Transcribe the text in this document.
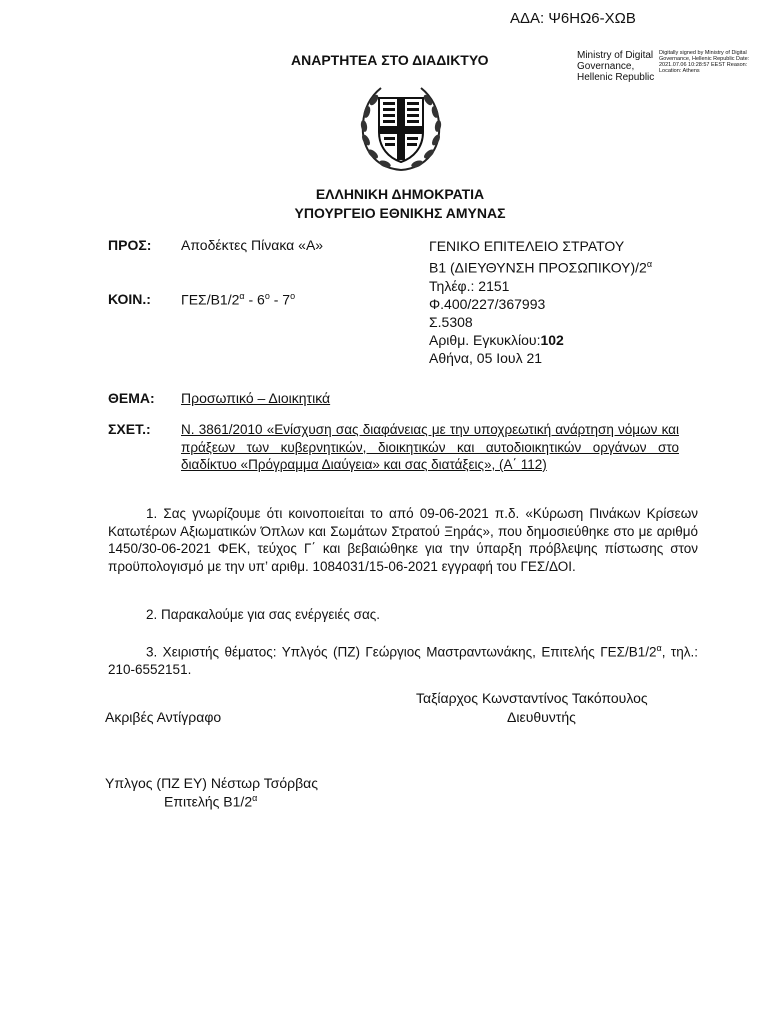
ΑΔΑ: Ψ6ΗΩ6-ΧΩΒ
ΑΝΑΡΤΗΤΕΑ ΣΤΟ ΔΙΑΔΙΚΤΥΟ	Ministry of Digital Governance, Hellenic Republic
Digitally signed by Ministry of Digital Governance, Hellenic Republic Date: 2021.07.06 10:28:57 EEST Reason: Location: Athens
ΕΛΛΗΝΙΚΗ ΔΗΜΟΚΡΑΤΙΑ
ΥΠΟΥΡΓΕΙΟ ΕΘΝΙΚΗΣ ΑΜΥΝΑΣ
ΠΡΟΣ: Αποδέκτες Πίνακα «Α»
ΚΟΙΝ.: ΓΕΣ/$B1/2^\alpha - 6^o - 7^o$
ΓΕΝΙΚΟ ΕΠΙΤΕΛΕΙΟ ΣΤΡΑΤΟΥ
Β1 (ΔΙΕΥΘΥΝΣΗ $\Pi PO\Sigma\Omega\Pi IKO\Upsilon)/2^\alpha$
Τηλέφ.: 2151
Φ.400/227/367993
Σ.5308
Αριθμ. Εγκυκλίου:102
Αθήνα, 05 Ιουλ 21
ΘΕΜΑ: Προσωπικό – Διοικητικά
ΣΧΕΤ.: Ν. 3861/2010 «Ενίσχυση σας διαφάνειας με την υποχρεωτική ανάρτηση νόμων και πράξεων των κυβερνητικών, διοικητικών και αυτοδιοικητικών οργάνων στο διαδίκτυο «Πρόγραμμα Διαύγεια» και σας διατάξεις», (Α΄ 112)
1. Σας γνωρίζουμε ότι κοινοποιείται το από 09-06-2021 π.δ. «Κύρωση Πινάκων Κρίσεων Κατωτέρων Αξιωματικών Όπλων και Σωμάτων Στρατού Ξηράς», που δημοσιεύθηκε στο με αριθμό 1450/30-06-2021 ΦΕΚ, τεύχος Γ΄ και βεβαιώθηκε για την ύπαρξη πρόβλεψης πίστωσης στον προϋπολογισμό με την υπ’ αριθμ. 1084031/15-06-2021 εγγραφή του ΓΕΣ/ΔΟΙ.
2. Παρακαλούμε για σας ενέργειές σας.
3. Χειριστής θέματος: Υπλγός (ΠΖ) Γεώργιος Μαστραντωνάκης, Επιτελής ΓΕΣ/$B1/2^\alpha$, τηλ.: 210-6552151.
Ταξίαρχος Κωνσταντίνος Τακόπουλος
Διευθυντής
Ακριβές Αντίγραφο
Υπλγος (ΠΖ ΕΥ) Νέστωρ Τσόρβας
Επιτελής $B1/2^\alpha$
